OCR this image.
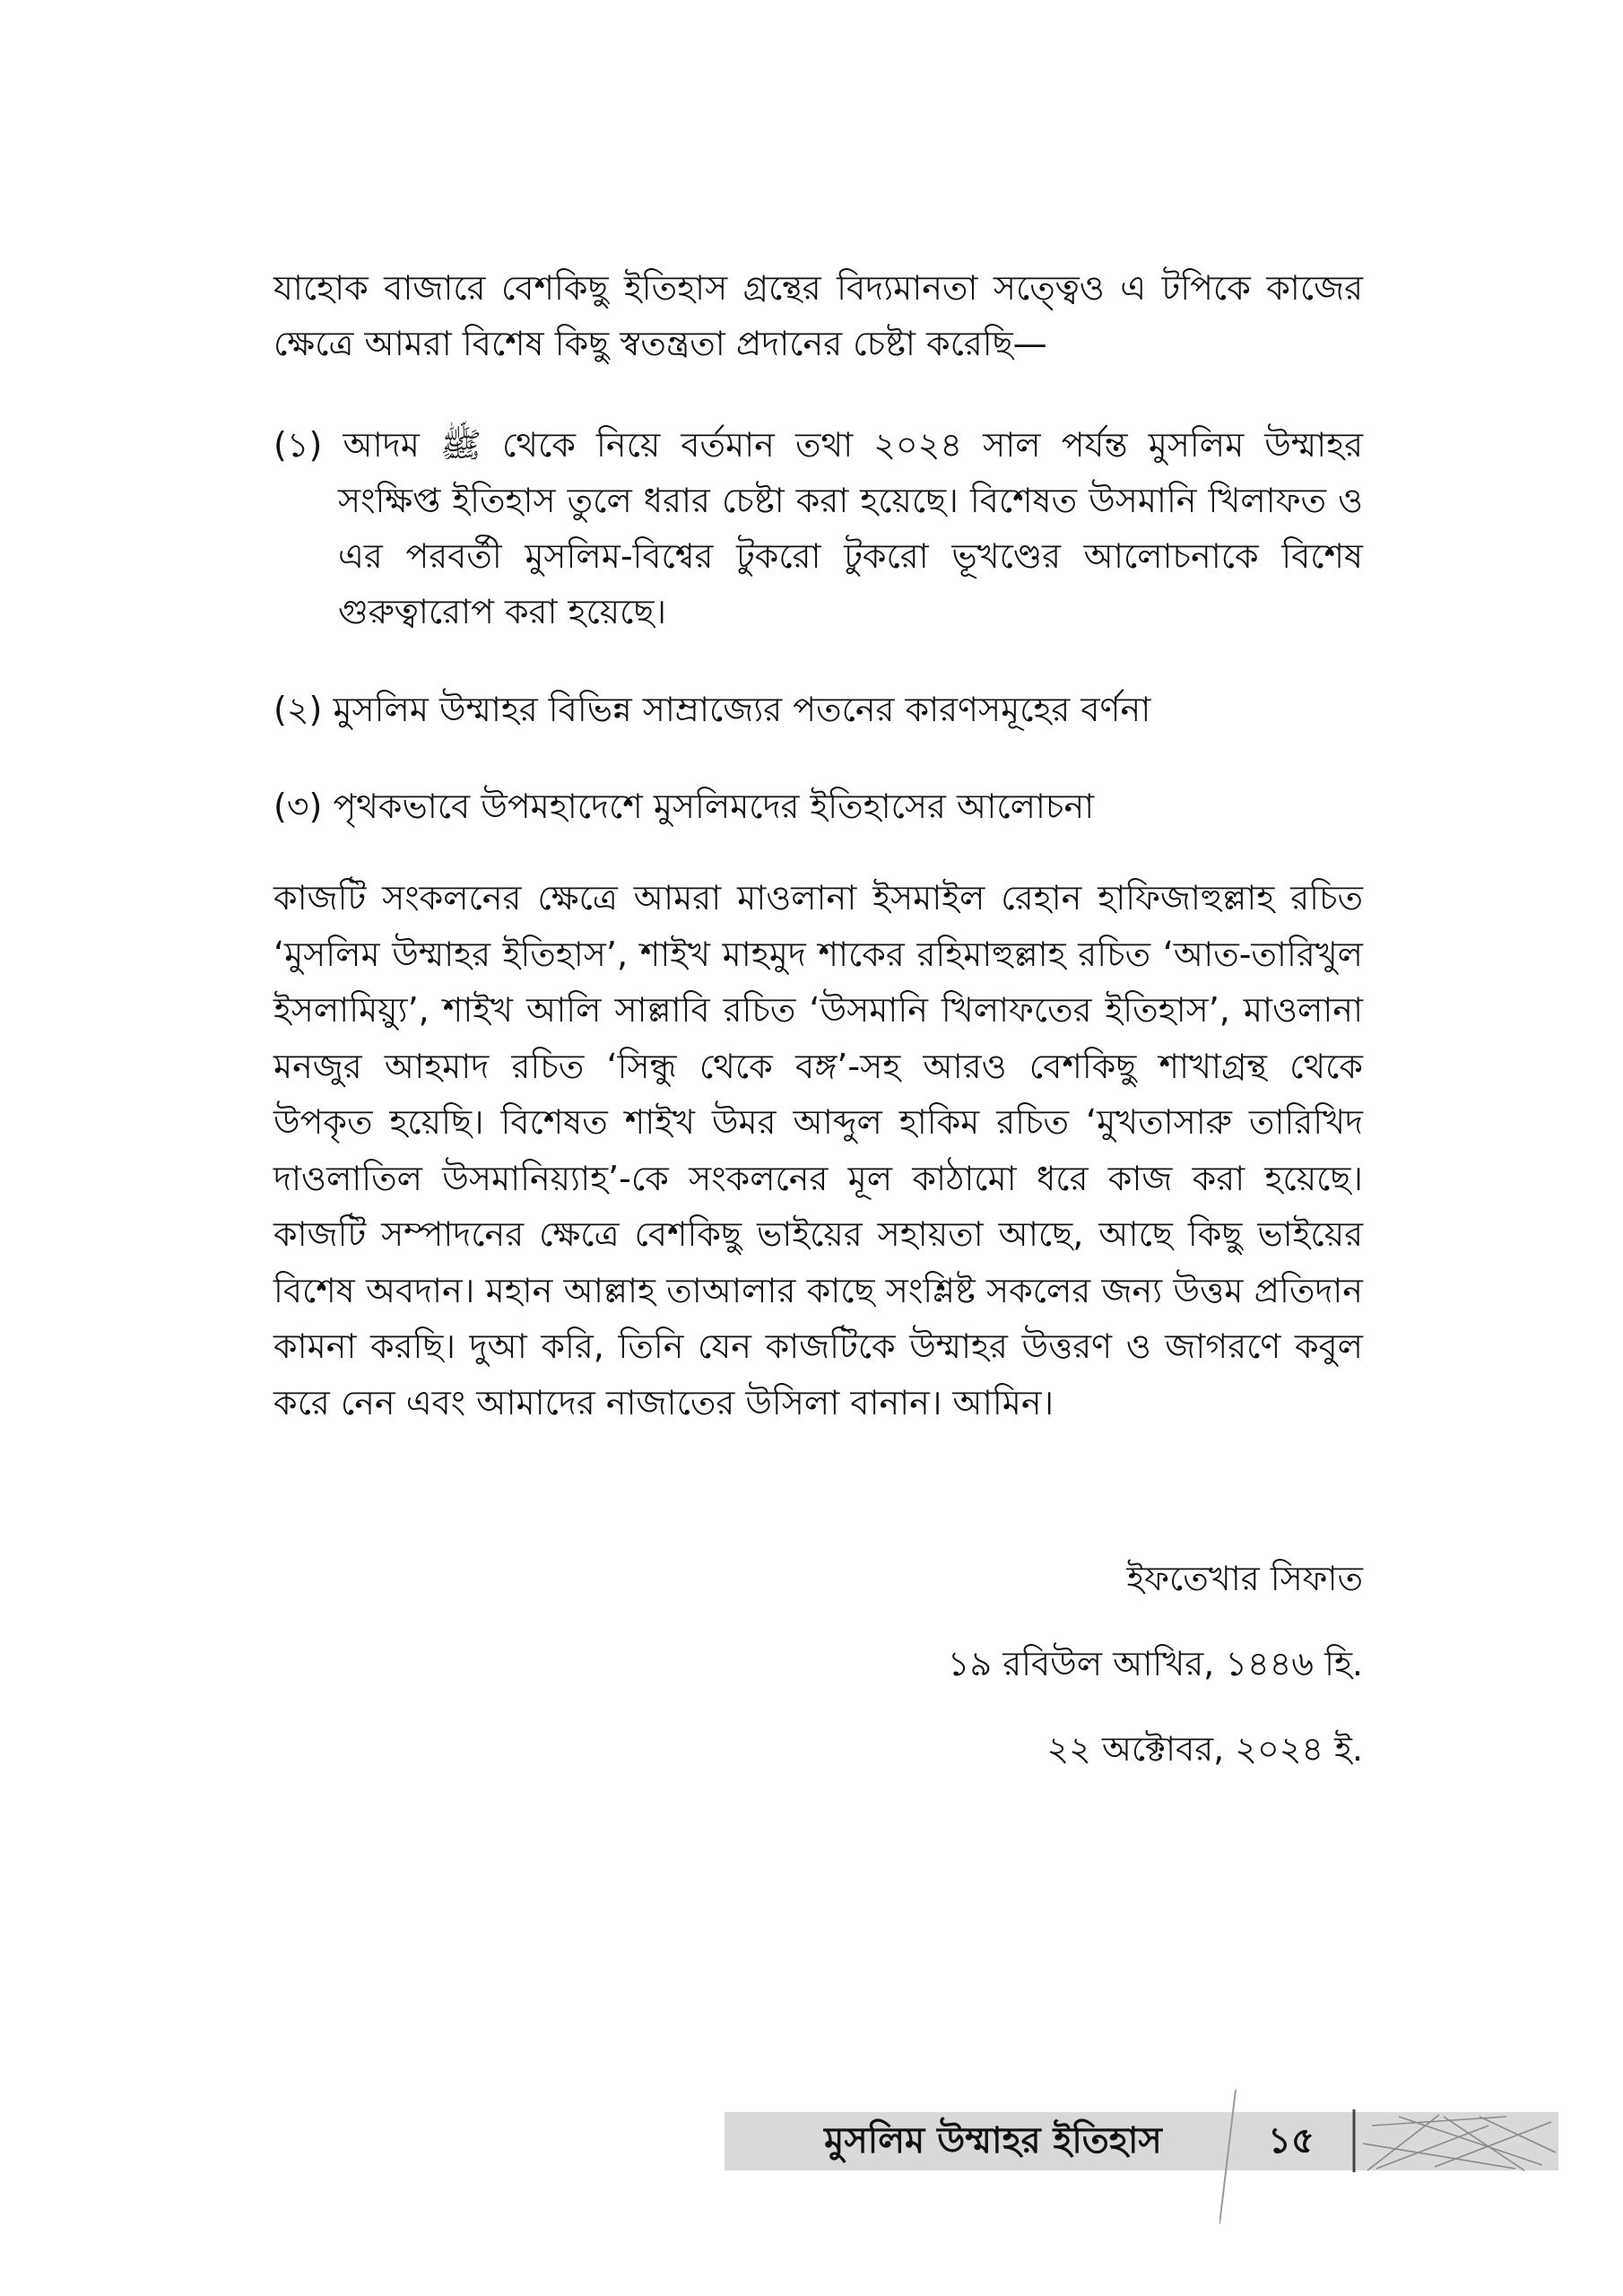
যাহোক বাজারে বেশকিছু ইতিহাস গ্রন্থের বিদ্যমানতা সত্ত্বেও এ টপিকে কাজের ক্ষেত্রে আমরা বিশেষ কিছু স্বতন্ত্রতা প্রদানের চেষ্টা করেছি—
(১) আদম ﷺ থেকে নিয়ে বর্তমান তথা ২০২৪ সাল পর্যন্ত মুসলিম উম্মাহর সংক্ষিপ্ত ইতিহাস তুলে ধরার চেষ্টা করা হয়েছে। বিশেষত উসমানি খিলাফত ও এর পরবর্তী মুসলিম-বিশ্বের টুকরো টুকরো ভূখণ্ডের আলোচনাকে বিশেষ গুরুত্বারোপ করা হয়েছে।
(২) মুসলিম উম্মাহর বিভিন্ন সাম্রাজ্যের পতনের কারণসমূহের বর্ণনা
(৩) পৃথকভাবে উপমহাদেশে মুসলিমদের ইতিহাসের আলোচনা
কাজটি সংকলনের ক্ষেত্রে আমরা মাওলানা ইসমাইল রেহান হাফিজাহুল্লাহ রচিত ‘মুসলিম উম্মাহর ইতিহাস’, শাইখ মাহমুদ শাকের রহিমাহুল্লাহ রচিত ‘আত-তারিখুল ইসলামিয়্যু’, শাইখ আলি সাল্লাবি রচিত ‘উসমানি খিলাফতের ইতিহাস’, মাওলানা মনজুর আহমাদ রচিত ‘সিন্ধু থেকে বঙ্গ’-সহ আরও বেশকিছু শাখাগ্রন্থ থেকে উপকৃত হয়েছি। বিশেষত শাইখ উমর আব্দুল হাকিম রচিত ‘মুখতাসারু তারিখিদ দাওলাতিল উসমানিয়্যাহ’-কে সংকলনের মূল কাঠামো ধরে কাজ করা হয়েছে। কাজটি সম্পাদনের ক্ষেত্রে বেশকিছু ভাইয়ের সহায়তা আছে, আছে কিছু ভাইয়ের বিশেষ অবদান। মহান আল্লাহ তাআলার কাছে সংশ্লিষ্ট সকলের জন্য উত্তম প্রতিদান কামনা করছি। দুআ করি, তিনি যেন কাজটিকে উম্মাহর উত্তরণ ও জাগরণে কবুল করে নেন এবং আমাদের নাজাতের উসিলা বানান। আমিন।
ইফতেখার সিফাত
১৯ রবিউল আখির, ১৪৪৬ হি.
২২ অক্টোবর, ২০২৪ ই.
মুসলিম উম্মাহর ইতিহাস	১৫
